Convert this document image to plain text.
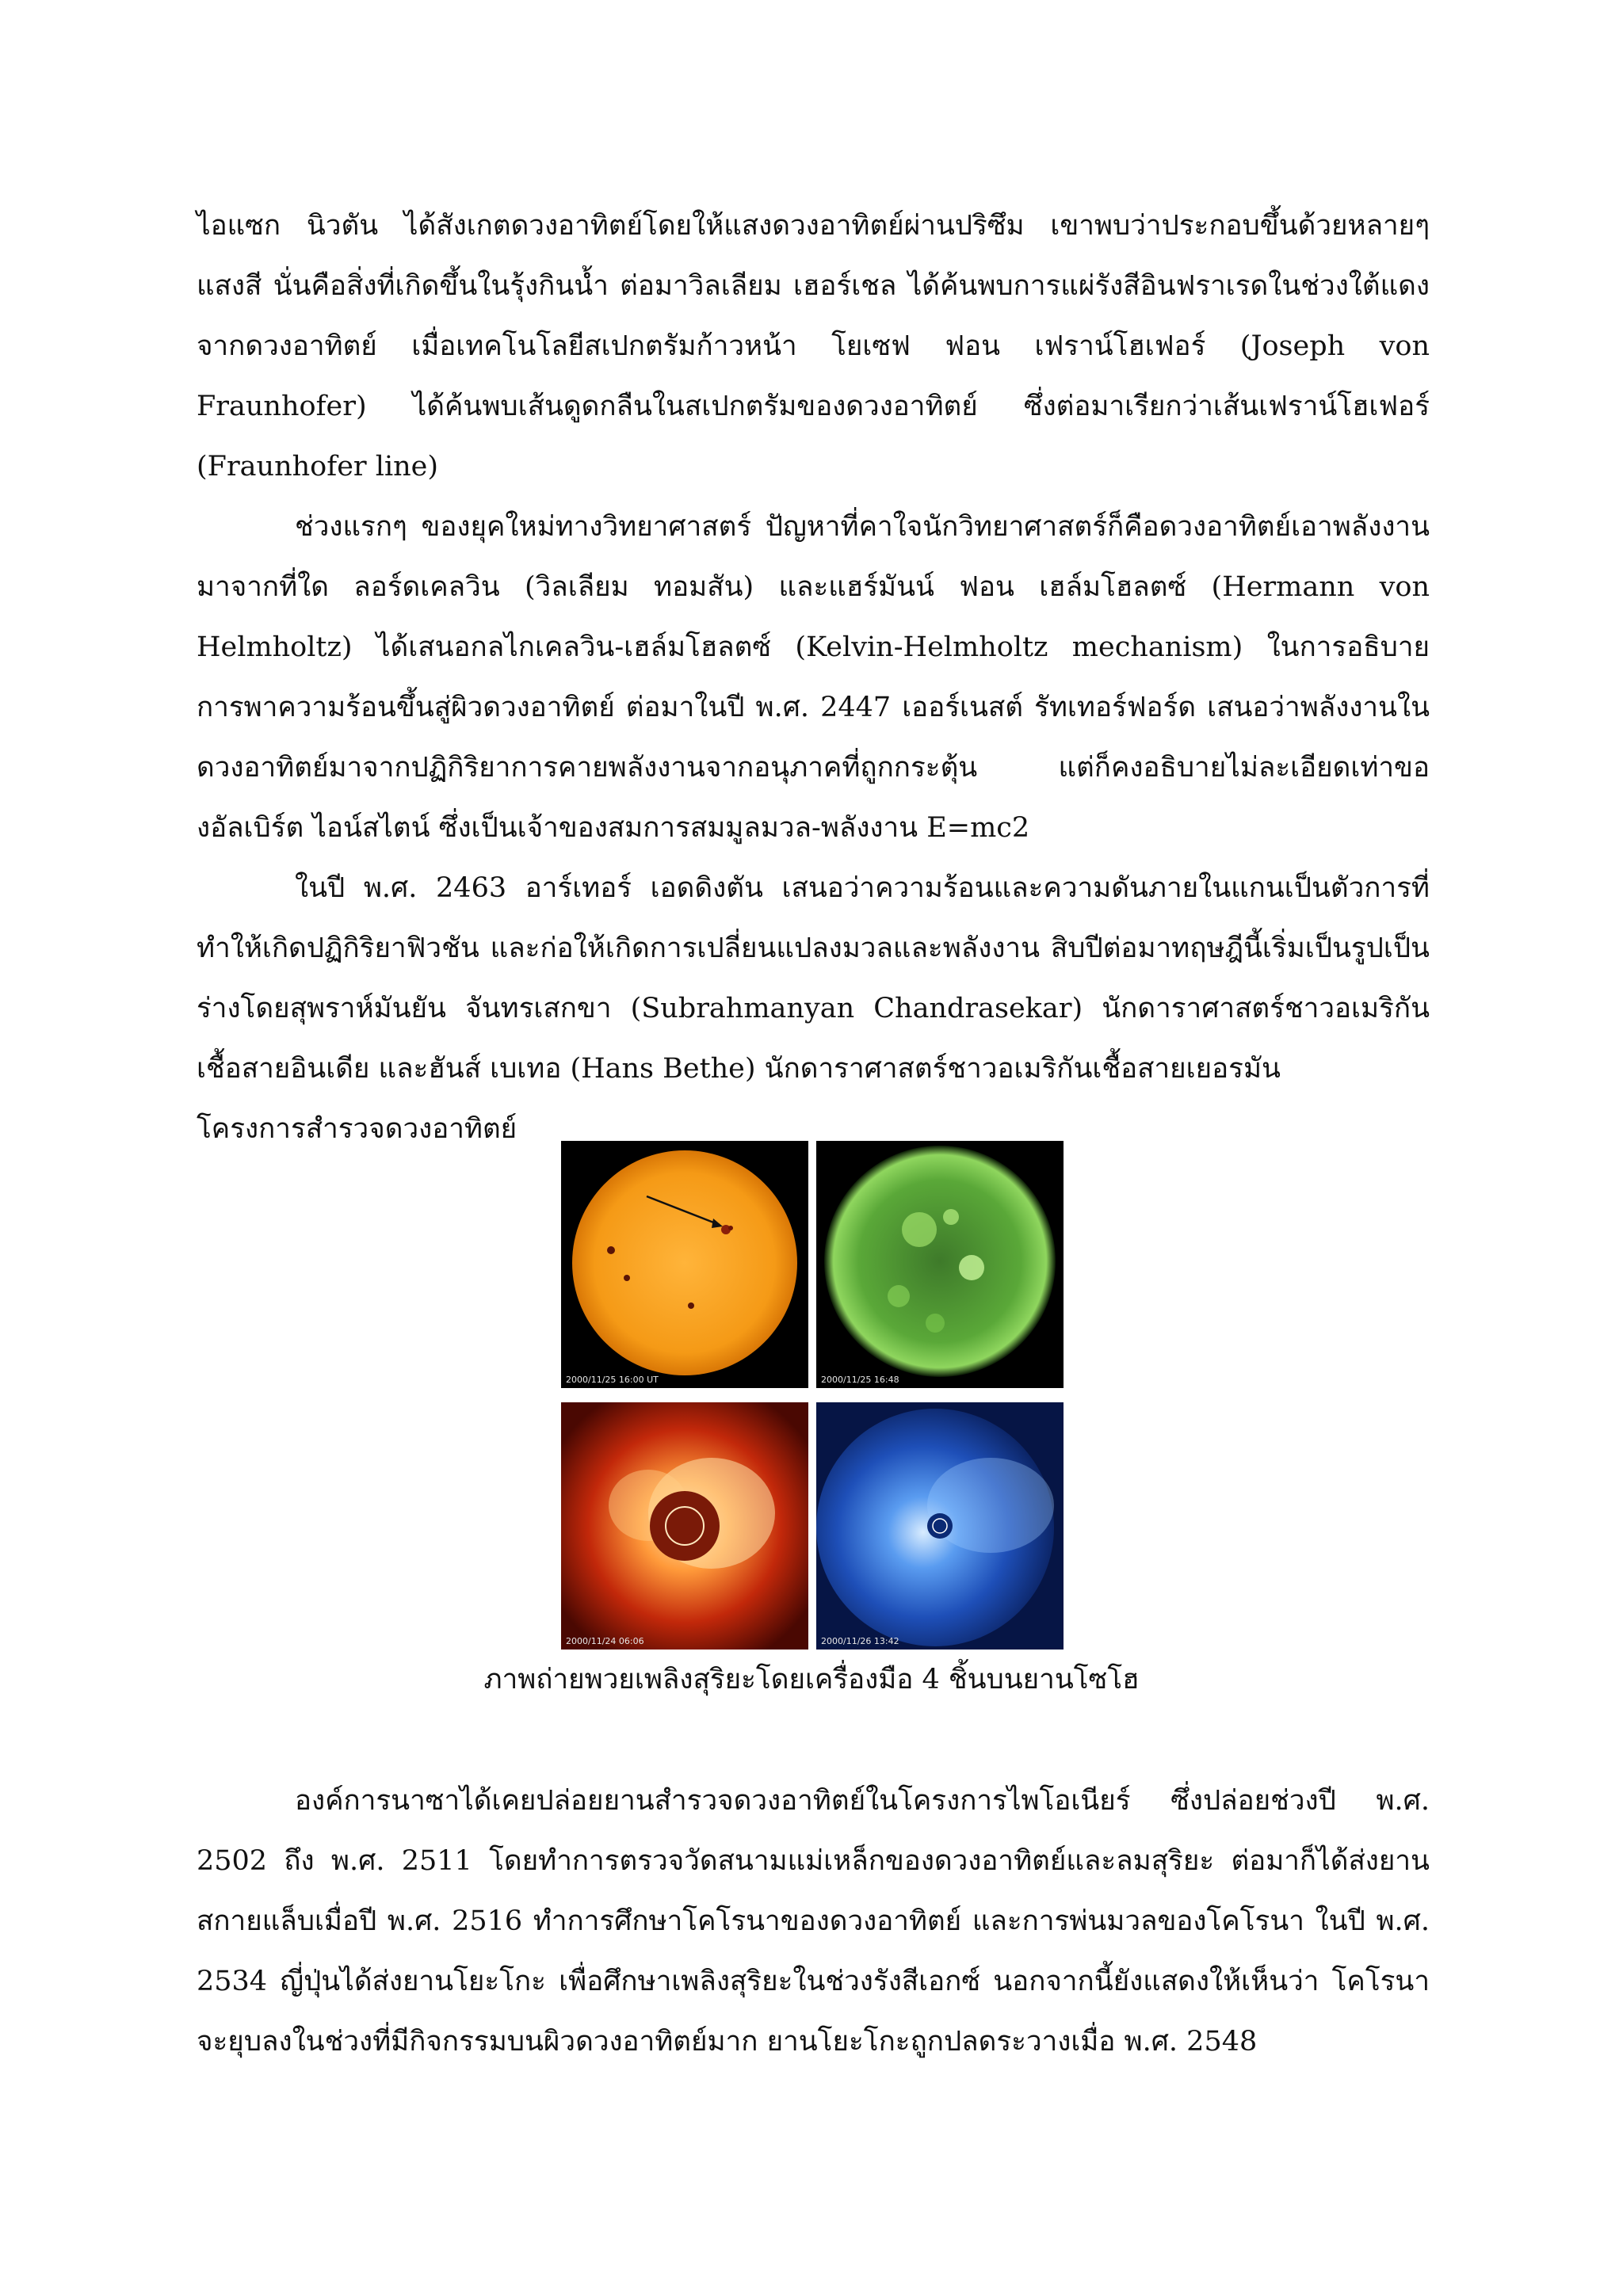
ไอแซก นิวตัน ได้สังเกตดวงอาทิตย์โดยให้แสงดวงอาทิตย์ผ่านปริซึม เขาพบว่าประกอบขึ้นด้วยหลายๆ แสงสี นั่นคือสิ่งที่เกิดขึ้นในรุ้งกินน้ำ ต่อมาวิลเลียม เฮอร์เชล ได้ค้นพบการแผ่รังสีอินฟราเรดในช่วงใต้แดงจากดวงอาทิตย์ เมื่อเทคโนโลยีสเปกตรัมก้าวหน้า โยเซฟ ฟอน เฟราน์โฮเฟอร์ (Joseph von Fraunhofer) ได้ค้นพบเส้นดูดกลืนในสเปกตรัมของดวงอาทิตย์ ซึ่งต่อมาเรียกว่าเส้นเฟราน์โฮเฟอร์ (Fraunhofer line)

ช่วงแรกๆ ของยุคใหม่ทางวิทยาศาสตร์ ปัญหาที่คาใจนักวิทยาศาสตร์ก็คือดวงอาทิตย์เอาพลังงานมาจากที่ใด ลอร์ดเคลวิน (วิลเลียม ทอมสัน) และแฮร์มันน์ ฟอน เฮล์มโฮลตซ์ (Hermann von Helmholtz) ได้เสนอกลไกเคลวิน-เฮล์มโฮลตซ์ (Kelvin-Helmholtz mechanism) ในการอธิบายการพาความร้อนขึ้นสู่ผิวดวงอาทิตย์ ต่อมาในปี พ.ศ. 2447 เออร์เนสต์ รัทเทอร์ฟอร์ด เสนอว่าพลังงานในดวงอาทิตย์มาจากปฏิกิริยาการคายพลังงานจากอนุภาคที่ถูกกระตุ้น แต่ก็คงอธิบายไม่ละเอียดเท่าของอัลเบิร์ต ไอน์สไตน์ ซึ่งเป็นเจ้าของสมการสมมูลมวล-พลังงาน E=mc2

ในปี พ.ศ. 2463 อาร์เทอร์ เอดดิงตัน เสนอว่าความร้อนและความดันภายในแกนเป็นตัวการที่ทำให้เกิดปฏิกิริยาฟิวชัน และก่อให้เกิดการเปลี่ยนแปลงมวลและพลังงาน สิบปีต่อมาทฤษฎีนี้เริ่มเป็นรูปเป็นร่างโดยสุพราห์มันยัน จันทรเสกขา (Subrahmanyan Chandrasekar) นักดาราศาสตร์ชาวอเมริกันเชื้อสายอินเดีย และฮันส์ เบเทอ (Hans Bethe) นักดาราศาสตร์ชาวอเมริกันเชื้อสายเยอรมัน

โครงการสำรวจดวงอาทิตย์

2000/11/25 16:00 UT	2000/11/25 16:48
2000/11/24 06:06	2000/11/26 13:42
ภาพถ่ายพวยเพลิงสุริยะโดยเครื่องมือ 4 ชิ้นบนยานโซโฮ

องค์การนาซาได้เคยปล่อยยานสำรวจดวงอาทิตย์ในโครงการไพโอเนียร์ ซึ่งปล่อยช่วงปี พ.ศ. 2502 ถึง พ.ศ. 2511 โดยทำการตรวจวัดสนามแม่เหล็กของดวงอาทิตย์และลมสุริยะ ต่อมาก็ได้ส่งยานสกายแล็บเมื่อปี พ.ศ. 2516 ทำการศึกษาโคโรนาของดวงอาทิตย์ และการพ่นมวลของโคโรนา ในปี พ.ศ. 2534 ญี่ปุ่นได้ส่งยานโยะโกะ เพื่อศึกษาเพลิงสุริยะในช่วงรังสีเอกซ์ นอกจากนี้ยังแสดงให้เห็นว่า โคโรนาจะยุบลงในช่วงที่มีกิจกรรมบนผิวดวงอาทิตย์มาก ยานโยะโกะถูกปลดระวางเมื่อ พ.ศ. 2548
